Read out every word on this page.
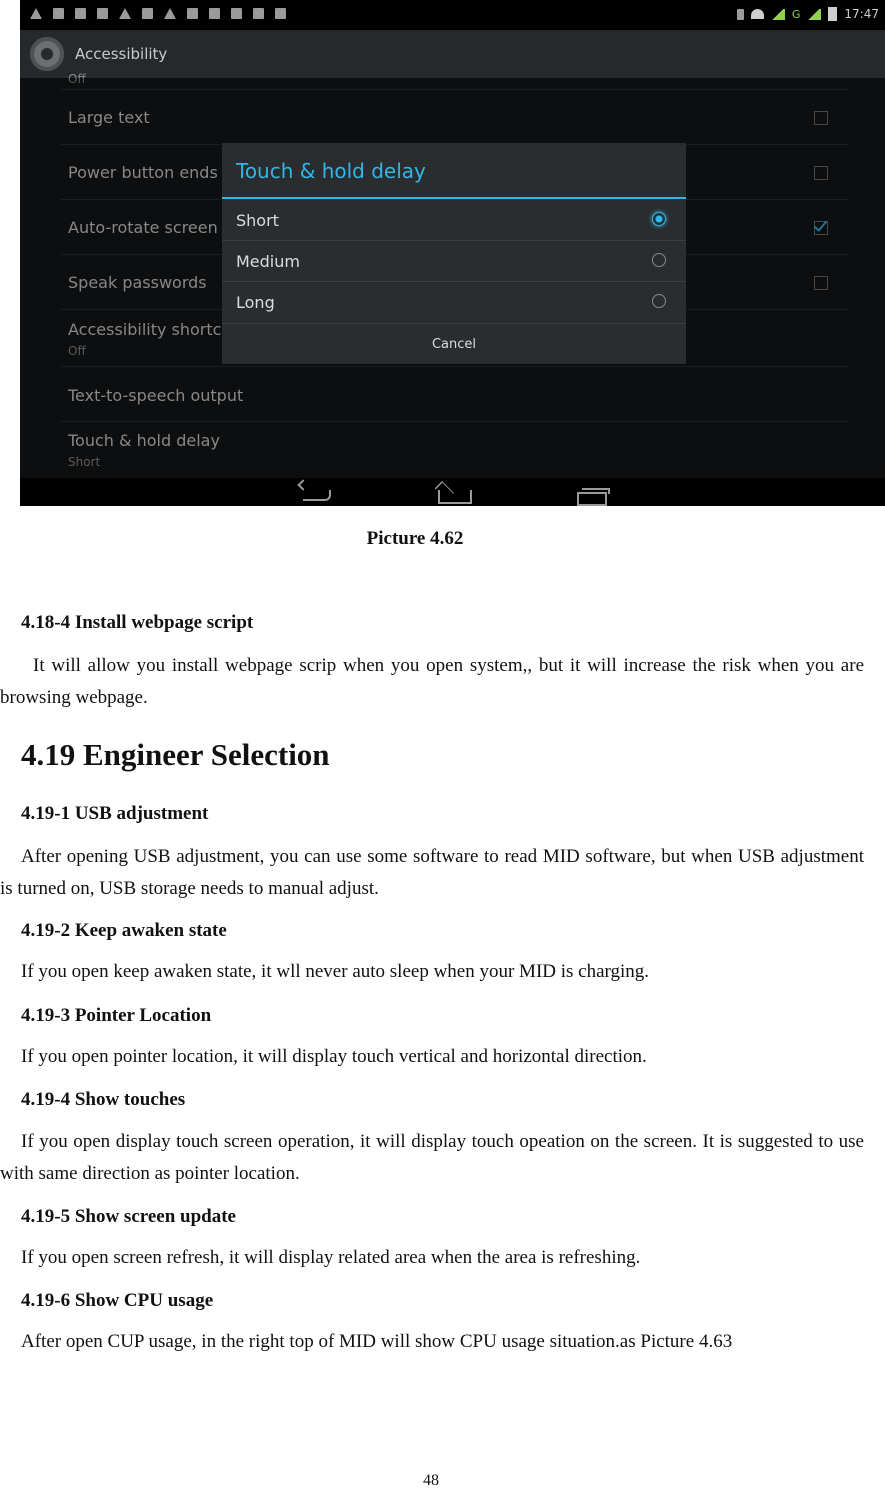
G	17:47
Accessibility
Off
Large text
Power button ends
Auto-rotate screen
Speak passwords
Accessibility shortc
Off
Text-to-speech output
Touch & hold delay
Short
Touch & hold delay
Short
Medium
Long
Cancel
Picture 4.62
4.18-4 Install webpage script
It will allow you install webpage scrip when you open system,, but it will increase the risk when you are browsing webpage.
4.19 Engineer Selection
4.19-1 USB adjustment
After opening USB adjustment, you can use some software to read MID software, but when USB adjustment is turned on, USB storage needs to manual adjust.
4.19-2 Keep awaken state
If you open keep awaken state, it wll never auto sleep when your MID is charging.
4.19-3 Pointer Location
If you open pointer location, it will display touch vertical and horizontal direction.
4.19-4 Show touches
If you open display touch screen operation, it will display touch opeation on the screen. It is suggested to use with same direction as pointer location.
4.19-5 Show screen update
If you open screen refresh, it will display related area when the area is refreshing.
4.19-6 Show CPU usage
After open CUP usage, in the right top of MID will show CPU usage situation.as Picture 4.63
48
